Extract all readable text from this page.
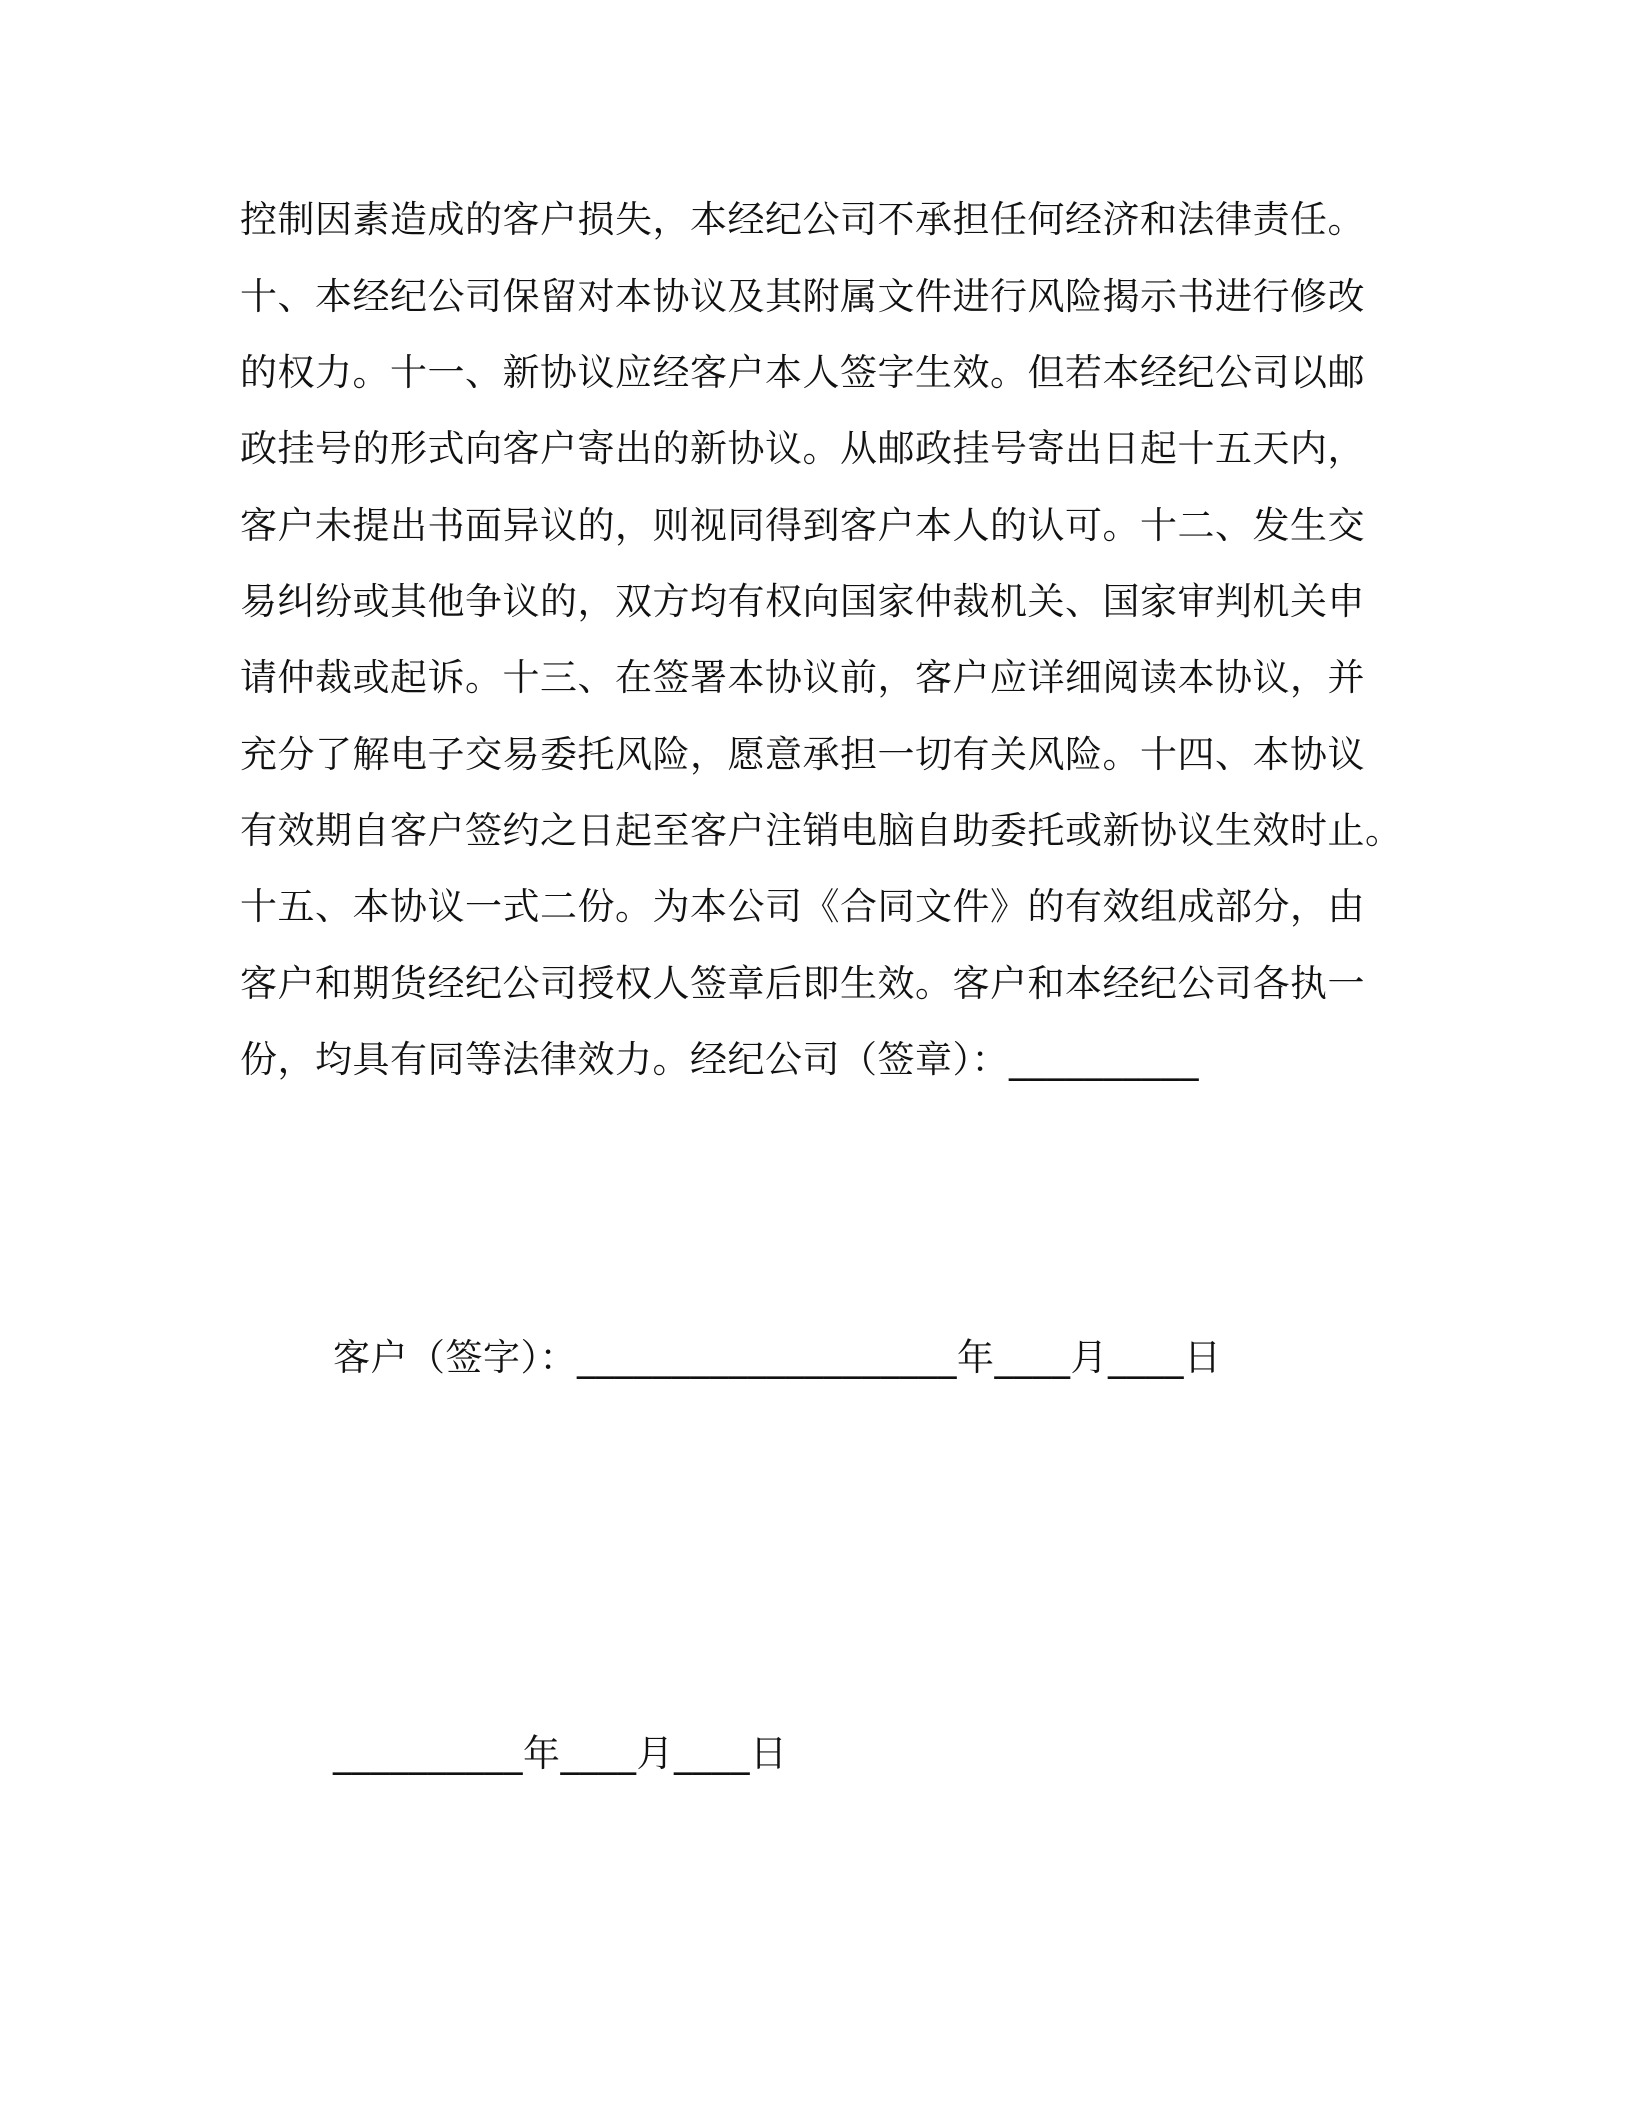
控制因素造成的客户损失，本经纪公司不承担任何经济和法律责任。
十、本经纪公司保留对本协议及其附属文件进行风险揭示书进行修改
的权力。十一、新协议应经客户本人签字生效。但若本经纪公司以邮
政挂号的形式向客户寄出的新协议。从邮政挂号寄出日起十五天内，
客户未提出书面异议的，则视同得到客户本人的认可。十二、发生交
易纠纷或其他争议的，双方均有权向国家仲裁机关、国家审判机关申
请仲裁或起诉。十三、在签署本协议前，客户应详细阅读本协议，并
充分了解电子交易委托风险，愿意承担一切有关风险。十四、本协议
有效期自客户签约之日起至客户注销电脑自助委托或新协议生效时止。
十五、本协议一式二份。为本公司《合同文件》的有效组成部分，由
客户和期货经纪公司授权人签章后即生效。客户和本经纪公司各执一
份，均具有同等法律效力。经纪公司（签章）：__________
客户（签字）：____________________年____月____日
__________年____月____日
